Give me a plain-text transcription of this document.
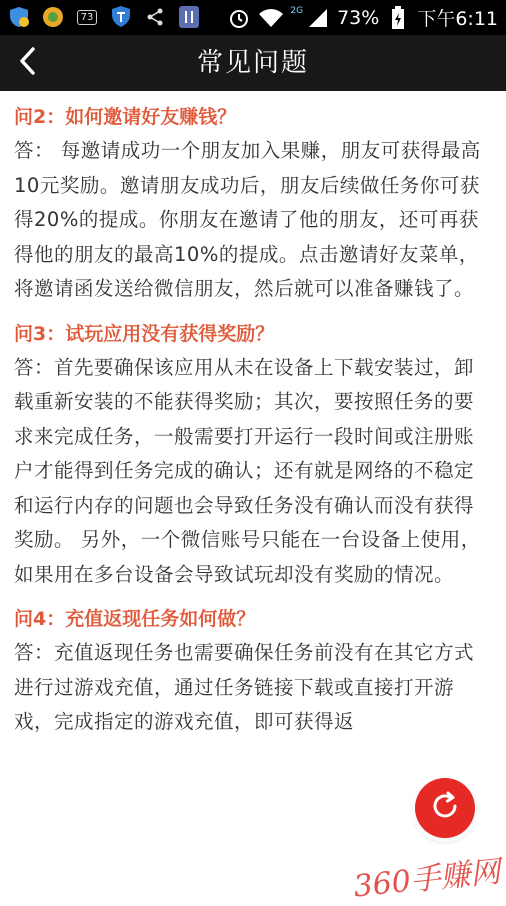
73
2G 73% 下午6:11
常见问题
问2：如何邀请好友赚钱？

答： 每邀请成功一个朋友加入果赚，朋友可获得最高10元奖励。邀请朋友成功后，朋友后续做任务你可获得20%的提成。你朋友在邀请了他的朋友，还可再获 得他的朋友的最高10%的提成。点击邀请好友菜单，将邀请函发送给微信朋友，然后就可以准备赚钱了。

问3：试玩应用没有获得奖励？

答：首先要确保该应用从未在设备上下载安装过，卸载重新安装的不能获得奖励；其次，要按照任务的要求来完成任务，一般需要打开运行一段时间或注册账户才能得到任务完成的确认；还有就是网络的不稳定和运行内存的问题也会导致任务没有确认而没有获得奖励。 另外，一个微信账号只能在一台设备上使用，如果用在多台设备会导致试玩却没有奖励的情况。

问4：充值返现任务如何做？

答：充值返现任务也需要确保任务前没有在其它方式进行过游戏充值，通过任务链接下载或直接打开游戏，完成指定的游戏充值，即可获得返

360手赚网
